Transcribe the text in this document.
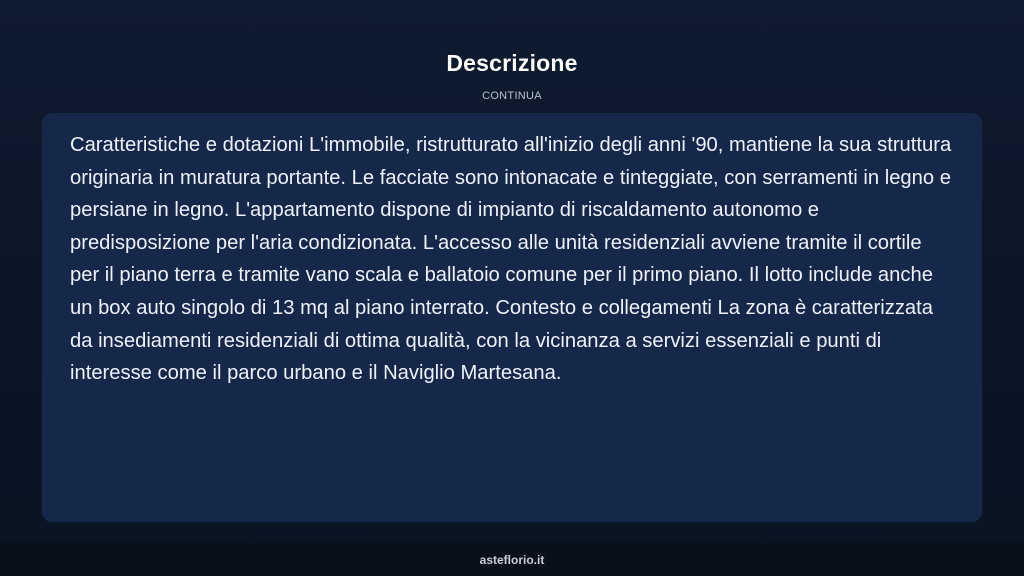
Descrizione
CONTINUA

Caratteristiche e dotazioni L'immobile, ristrutturato all'inizio degli anni '90, mantiene la sua struttura originaria in muratura portante. Le facciate sono intonacate e tinteggiate, con serramenti in legno e persiane in legno. L'appartamento dispone di impianto di riscaldamento autonomo e predisposizione per l'aria condizionata. L'accesso alle unità residenziali avviene tramite il cortile per il piano terra e tramite vano scala e ballatoio comune per il primo piano. Il lotto include anche un box auto singolo di 13 mq al piano interrato. Contesto e collegamenti La zona è caratterizzata da insediamenti residenziali di ottima qualità, con la vicinanza a servizi essenziali e punti di interesse come il parco urbano e il Naviglio Martesana.

asteflorio.it
